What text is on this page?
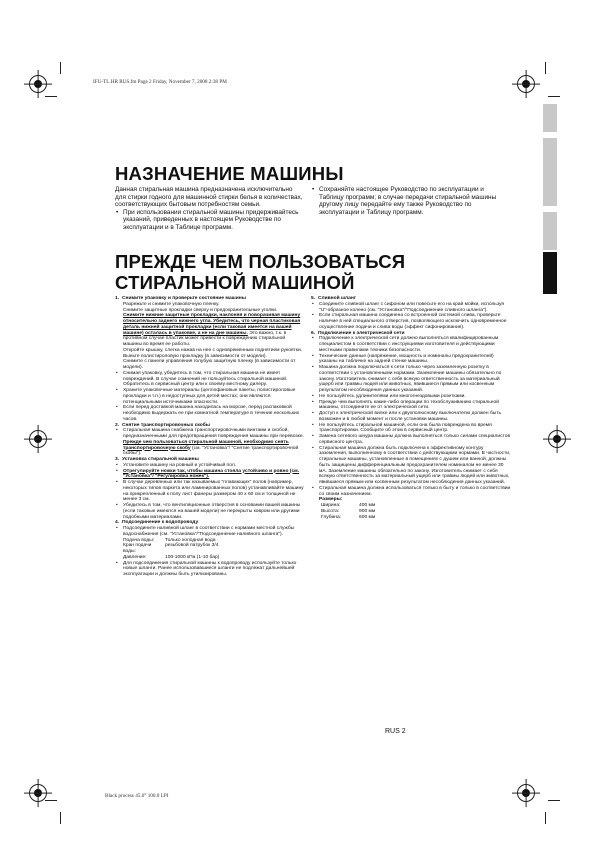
IFU-TL.HR RUS.fm Page 2 Friday, November 7, 2008 2:38 PM
Black process 45.0° 100.0 LPI
НАЗНАЧЕНИЕ МАШИНЫ

Данная стиральная машина предназначена исключительно для стирки годного для машинной стирки белья в количествах, соответствующих бытовым потребностям семьи.

• При использовании стиральной машины придерживайтесь указаний, приведенных в настоящем Руководстве по эксплуатации и в Таблице программ.

• Сохраняйте настоящее Руководство по эксплуатации и Таблицу программ; в случае передачи стиральной машины другому лицу передайте ему также Руководство по эксплуатации и Таблицу программ.

ПРЕЖДЕ ЧЕМ ПОЛЬЗОВАТЬСЯ
СТИРАЛЬНОЙ МАШИНОЙ

1. Снимите упаковку и проверьте состояние машины

Разрежьте и снимите упаковочную пленку.

Снимите защитные прокладки сверху и предохранительные уголки.

Снимите нижние защитные прокладки, наклоняя и поворачивая машину относительно заднего нижнего угла. Убедитесь, что черная пластиковая деталь нижней защитной прокладки (если таковая имеется на вашей машине) осталась в упаковке, а не на дне машины. Это важно, т.к. в противном случае пластик может привести к повреждению стиральной машины во время ее работы.

Откройте крышку, слегка нажав на нее с одновременным поднятием рукоятки. Выньте полистироловую прокладку (в зависимости от модели).

Снимите с панели управления голубую защитную пленку (в зависимости от модели).

• Снимая упаковку, убедитесь в том, что стиральная машина не имеет повреждений. В случае сомнений не пользуйтесь стиральной машиной. Обратитесь в сервисный центр или к своему местному дилеру.

• Храните упаковочные материалы (целлофановые пакеты, полистироловые прокладки и т.п.) в недоступных для детей местах; они являются потенциальными источниками опасности.

• Если перед доставкой машина находилась на морозе, перед распаковкой необходимо выдержать ее при комнатной температуре в течение нескольких часов.

2. Снятие транспортировочных скобы

• Стиральная машина снабжена транспортировочными винтами и скобой, предназначенными для предотвращения повреждения машины при перевозке.

Прежде чем пользоваться стиральной машиной, необходимо снять транспортировочную скобу (см. "Установка"/ "Снятие транспортировочной скобы").

3. Установка стиральной машины

• Установите машину на ровный и устойчивый пол.

• Отрегулируйте ножки так, чтобы машина стояла устойчиво и ровно (см. "Установка"/ "Регулировка ножек").

• В случае деревянных или так называемых "плавающих" полов (например, некоторых типов паркета или ламинированных полов) устанавливайте машину на прикрепленный к полу лист фанеры размером 40 x 60 см и толщиной не менее 3 см.

• Убедитесь в том, что вентиляционные отверстия в основании вашей машины (если таковые имеются на вашей модели) не перекрыты ковром или другими подобными материалами.

4. Подсоединение к водопроводу

• Подсоедините наливной шланг в соответствии с нормами местной службы водоснабжения (см. "Установка"/"Подсоединение наливного шланга").

Подача воды:	Только холодная вода
Кран подачи воды:
резьбовой патрубок 3/4
Давление:	100-1000 кПа (1-10 бар)

• Для подсоединения стиральной машины к водопроводу используйте только новые шланги. Ранее использовавшиеся шланги не подлежат дальнейшей эксплуатации и должны быть утилизированы.

5. Сливной шланг

• Соедините сливной шланг с сифоном или повесьте его на край мойки, используя "U"-образное колено (см. "Установка"/"Подсоединение сливного шланга").

• Если стиральная машина соединена со встроенной системой слива, проверьте наличие в ней специального отверстия, позволяющего исключить одновременное осуществление подачи и слива воды (эффект сифонирования).

6. Подключение к электрической сети

• Подключение к электрической сети должно выполняться квалифицированным специалистом в соответствии с инструкциями изготовителя и действующими местными правилами техники безопасности.

• Технические данные (напряжение, мощность и номиналы предохранителей) указаны на табличке на задней стенке машины.

• Машина должна подключаться к сети только через заземленную розетку в соответствии с установленными нормами. Заземление машины обязательно по закону. Изготовитель снимает с себя всякую ответственность за материальный ущерб или травмы людей или животных, явившиеся прямым или косвенным результатом несоблюдения данных указаний.

• Не пользуйтесь удлинителями или многогнездовыми розетками.

• Прежде чем выполнять какие-либо операции по техобслуживанию стиральной машины, отсоедините ее от электрической сети.

• Доступ к электрической вилке или к двухполюсному выключателю должен быть возможен и в любой момент и после установки машины.

• Не пользуйтесь стиральной машиной, если она была повреждена во время транспортировки. Сообщите об этом в сервисный центр.

• Замена сетевого шнура машины должна выполняться только силами специалистов сервисного центра.

• Стиральная машина должна быть подключена к эффективному контуру заземления, выполненному в соответствии с действующими нормами. В частности, стиральные машины, установленные в помещениях с душем или ванной, должны быть защищены дифференциальным предохранителем номиналом не менее 30 мА. Заземление машины обязательно по закону. Изготовитель снимает с себя всякую ответственность за материальный ущерб или травмы людей или животных, явившиеся прямым или косвенным результатом несоблюдения данных указаний.

• Стиральная машина должна использоваться только в быту и только в соответствии со своим назначением.

Размеры:

Ширина:	400 мм
Высота:	900 мм
Глубина:	600 мм
RUS 2
